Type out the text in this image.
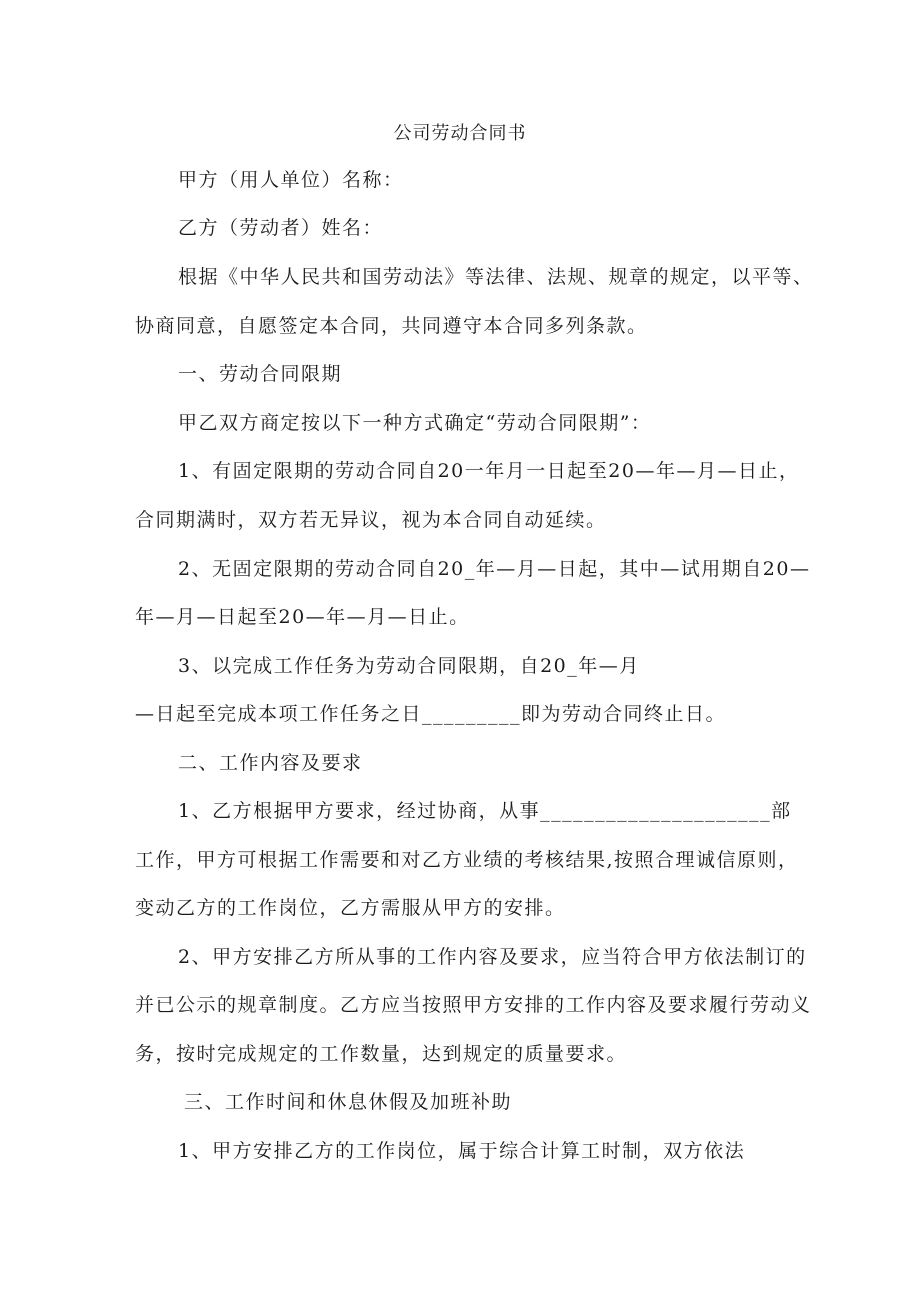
公司劳动合同书
甲方（用人单位）名称：
乙方（劳动者）姓名：
根据《中华人民共和国劳动法》等法律、法规、规章的规定，以平等、
协商同意，自愿签定本合同，共同遵守本合同多列条款。
一、劳动合同限期
甲乙双方商定按以下一种方式确定“劳动合同限期”：
1、有固定限期的劳动合同自20一年月一日起至20—年—月—日止，
合同期满时，双方若无异议，视为本合同自动延续。
2、无固定限期的劳动合同自20_年—月—日起，其中—试用期自20—
年—月—日起至20—年—月—日止。
3、以完成工作任务为劳动合同限期，自20_年—月
—日起至完成本项工作任务之日_________即为劳动合同终止日。
二、工作内容及要求
1、乙方根据甲方要求，经过协商，从事_____________________部
工作，甲方可根据工作需要和对乙方业绩的考核结果,按照合理诚信原则，
变动乙方的工作岗位，乙方需服从甲方的安排。
2、甲方安排乙方所从事的工作内容及要求，应当符合甲方依法制订的
并已公示的规章制度。乙方应当按照甲方安排的工作内容及要求履行劳动义
务，按时完成规定的工作数量，达到规定的质量要求。
三、工作时间和休息休假及加班补助
1、甲方安排乙方的工作岗位，属于综合计算工时制，双方依法
